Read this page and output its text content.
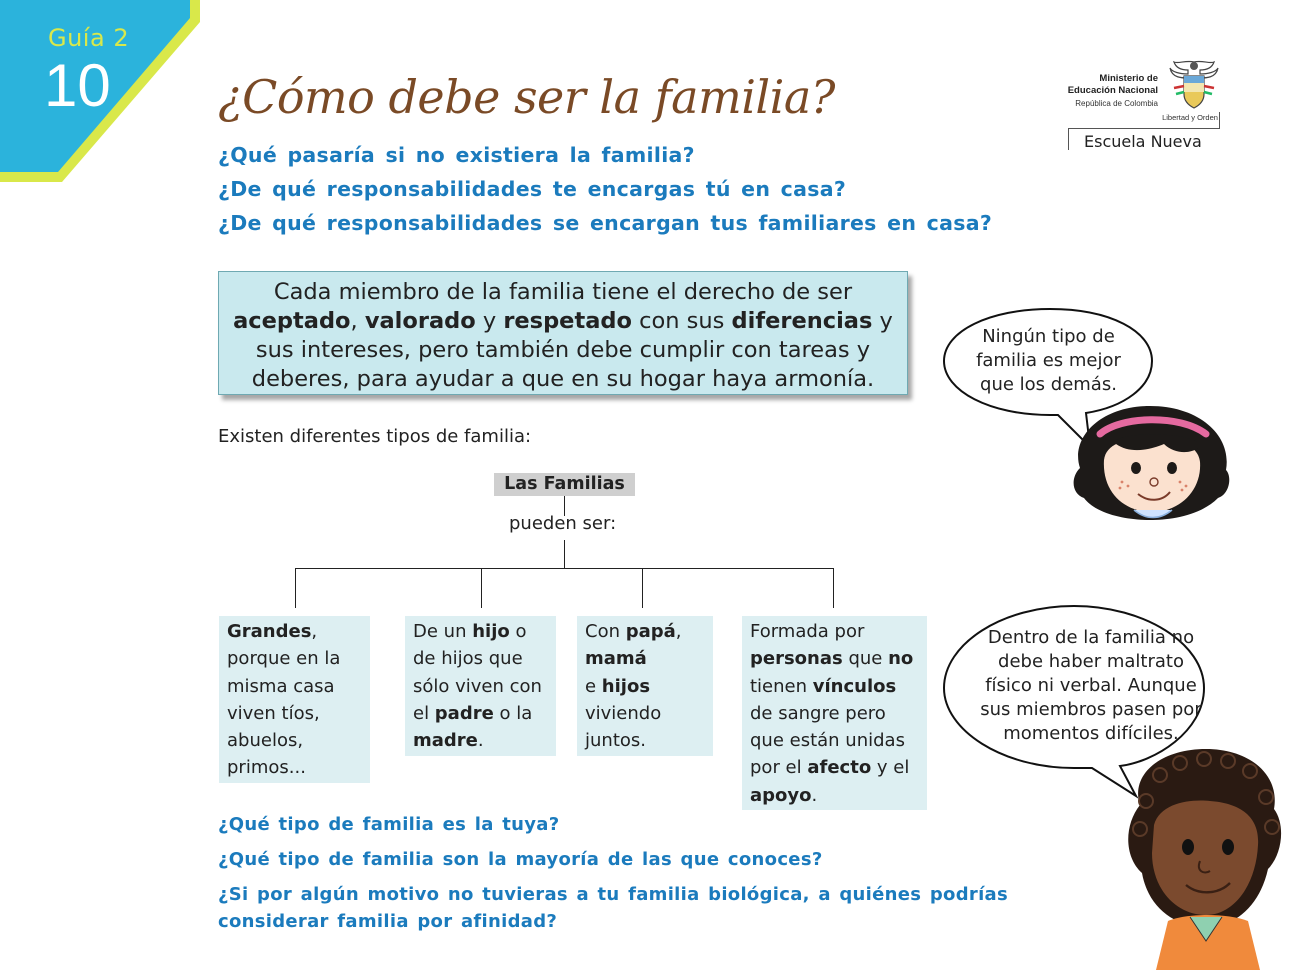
Guía 2
10 ¿Cómo debe ser la familia?	Ministerio de
Educación Nacional
República de Colombia
Libertad y Orden
Escuela Nueva
¿Qué pasaría si no existiera la familia?
¿De qué responsabilidades te encargas tú en casa?
¿De qué responsabilidades se encargan tus familiares en casa?
Cada miembro de la familia tiene el derecho de ser
aceptado, valorado y respetado con sus diferencias y
sus intereses, pero también debe cumplir con tareas y
deberes, para ayudar a que en su hogar haya armonía.
Existen diferentes tipos de familia:
Las Familias
pueden ser:
Grandes,
porque en la
misma casa
viven tíos,
abuelos,
primos...
De un hijo o
de hijos que
sólo viven con
el padre o la
madre.
Con papá,
mamá
e hijos
viviendo
juntos.
Formada por
personas que no
tienen vínculos
de sangre pero
que están unidas
por el afecto y el
apoyo.
¿Qué tipo de familia es la tuya?
¿Qué tipo de familia son la mayoría de las que conoces?
¿Si por algún motivo no tuvieras a tu familia biológica, a quiénes podrías
considerar familia por afinidad?
Ningún tipo de
familia es mejor
que los demás.
Dentro de la familia no
debe haber maltrato
físico ni verbal. Aunque
sus miembros pasen por
momentos difíciles.
